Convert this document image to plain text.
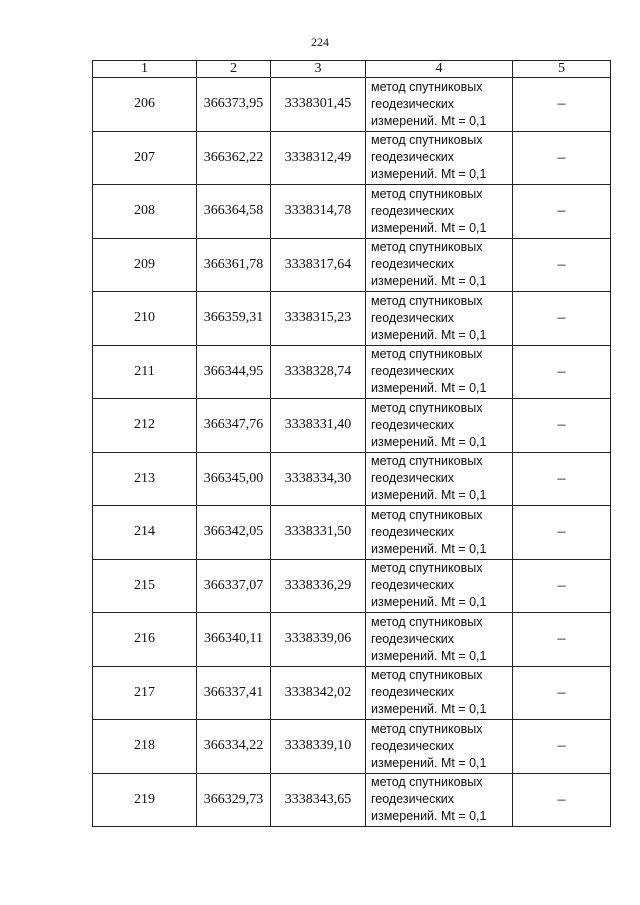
224
1	2	3	4	5
206	366373,95	3338301,45	метод спутниковых
геодезических
измерений. Mt = 0,1	–
207	366362,22	3338312,49	метод спутниковых
геодезических
измерений. Mt = 0,1	–
208	366364,58	3338314,78	метод спутниковых
геодезических
измерений. Mt = 0,1	–
209	366361,78	3338317,64	метод спутниковых
геодезических
измерений. Mt = 0,1	–
210	366359,31	3338315,23	метод спутниковых
геодезических
измерений. Mt = 0,1	–
211	366344,95	3338328,74	метод спутниковых
геодезических
измерений. Mt = 0,1	–
212	366347,76	3338331,40	метод спутниковых
геодезических
измерений. Mt = 0,1	–
213	366345,00	3338334,30	метод спутниковых
геодезических
измерений. Mt = 0,1	–
214	366342,05	3338331,50	метод спутниковых
геодезических
измерений. Mt = 0,1	–
215	366337,07	3338336,29	метод спутниковых
геодезических
измерений. Mt = 0,1	–
216	366340,11	3338339,06	метод спутниковых
геодезических
измерений. Mt = 0,1	–
217	366337,41	3338342,02	метод спутниковых
геодезических
измерений. Mt = 0,1	–
218	366334,22	3338339,10	метод спутниковых
геодезических
измерений. Mt = 0,1	–
219	366329,73	3338343,65	метод спутниковых
геодезических
измерений. Mt = 0,1	–
